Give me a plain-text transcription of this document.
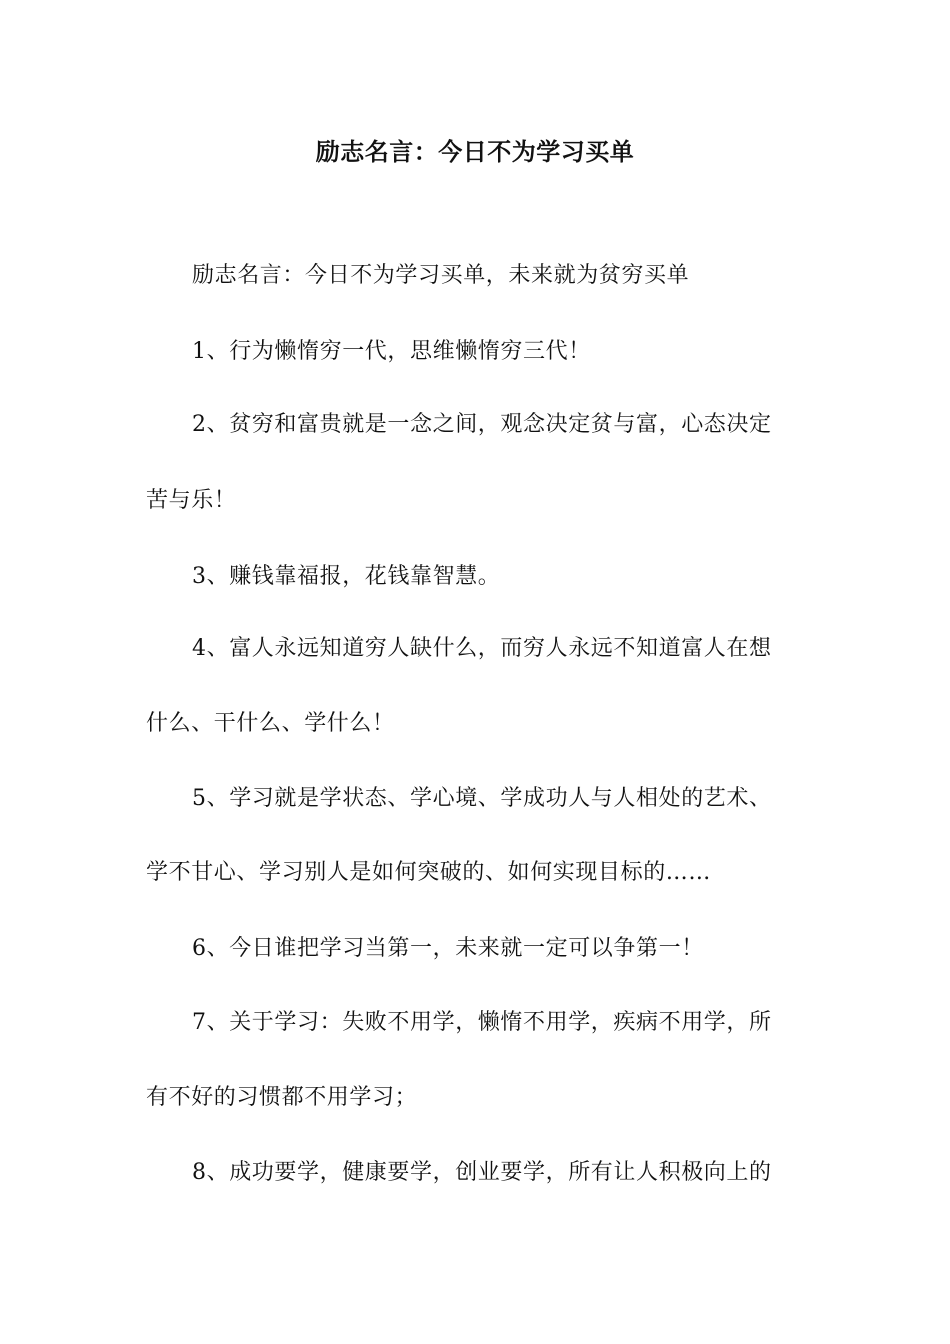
励志名言：今日不为学习买单
励志名言：今日不为学习买单，未来就为贫穷买单
1、行为懒惰穷一代，思维懒惰穷三代！
2、贫穷和富贵就是一念之间，观念决定贫与富，心态决定
苦与乐！
3、赚钱靠福报，花钱靠智慧。
4、富人永远知道穷人缺什么，而穷人永远不知道富人在想
什么、干什么、学什么！
5、学习就是学状态、学心境、学成功人与人相处的艺术、
学不甘心、学习别人是如何突破的、如何实现目标的……
6、今日谁把学习当第一，未来就一定可以争第一！
7、关于学习：失败不用学，懒惰不用学，疾病不用学，所
有不好的习惯都不用学习；
8、成功要学，健康要学，创业要学，所有让人积极向上的
